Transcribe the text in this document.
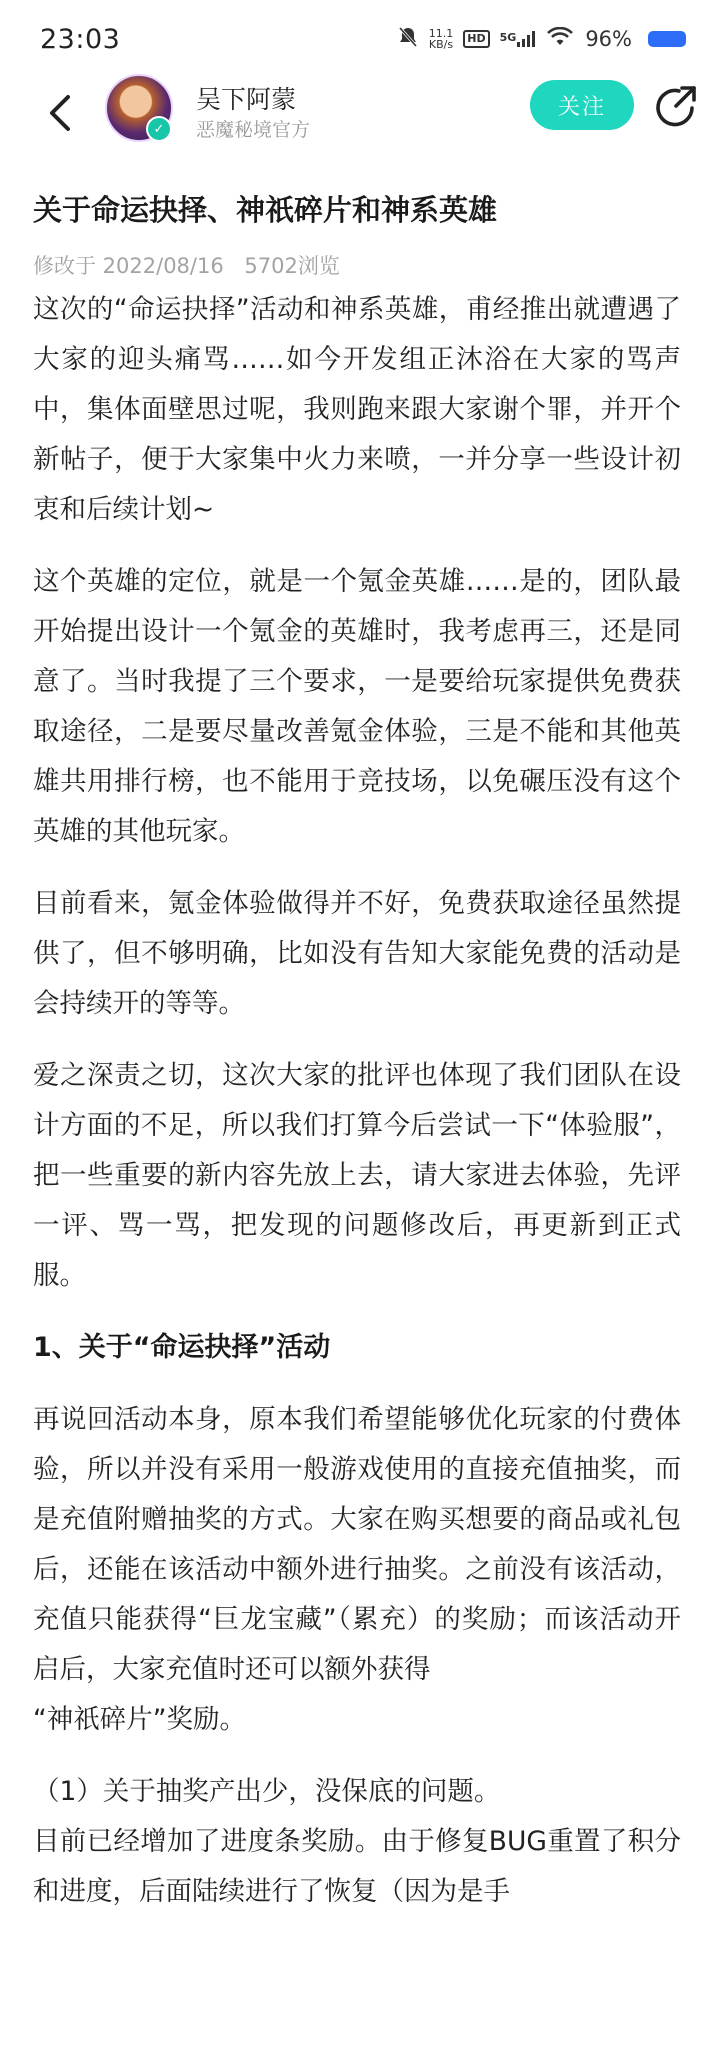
23:03	11.1
KB/s	HD	5G	96%
✓
吴下阿蒙
恶魔秘境官方
关注
关于命运抉择、神祇碎片和神系英雄
修改于 2022/08/16 5702浏览

这次的“命运抉择”活动和神系英雄，甫经推出就遭遇了大家的迎头痛骂……如今开发组正沐浴在大家的骂声中，集体面壁思过呢，我则跑来跟大家谢个罪，并开个新帖子，便于大家集中火力来喷，一并分享一些设计初衷和后续计划~

这个英雄的定位，就是一个氪金英雄……是的，团队最开始提出设计一个氪金的英雄时，我考虑再三，还是同意了。当时我提了三个要求，一是要给玩家提供免费获取途径，二是要尽量改善氪金体验，三是不能和其他英雄共用排行榜，也不能用于竞技场，以免碾压没有这个英雄的其他玩家。

目前看来，氪金体验做得并不好，免费获取途径虽然提供了，但不够明确，比如没有告知大家能免费的活动是会持续开的等等。

爱之深责之切，这次大家的批评也体现了我们团队在设计方面的不足，所以我们打算今后尝试一下“体验服”，把一些重要的新内容先放上去，请大家进去体验，先评一评、骂一骂，把发现的问题修改后，再更新到正式服。

1、关于“命运抉择”活动

再说回活动本身，原本我们希望能够优化玩家的付费体验，所以并没有采用一般游戏使用的直接充值抽奖，而是充值附赠抽奖的方式。大家在购买想要的商品或礼包后，还能在该活动中额外进行抽奖。之前没有该活动，充值只能获得“巨龙宝藏”（累充）的奖励；而该活动开启后，大家充值时还可以额外获得

“神祇碎片”奖励。

（1）关于抽奖产出少，没保底的问题。

目前已经增加了进度条奖励。由于修复BUG重置了积分和进度，后面陆续进行了恢复（因为是手
